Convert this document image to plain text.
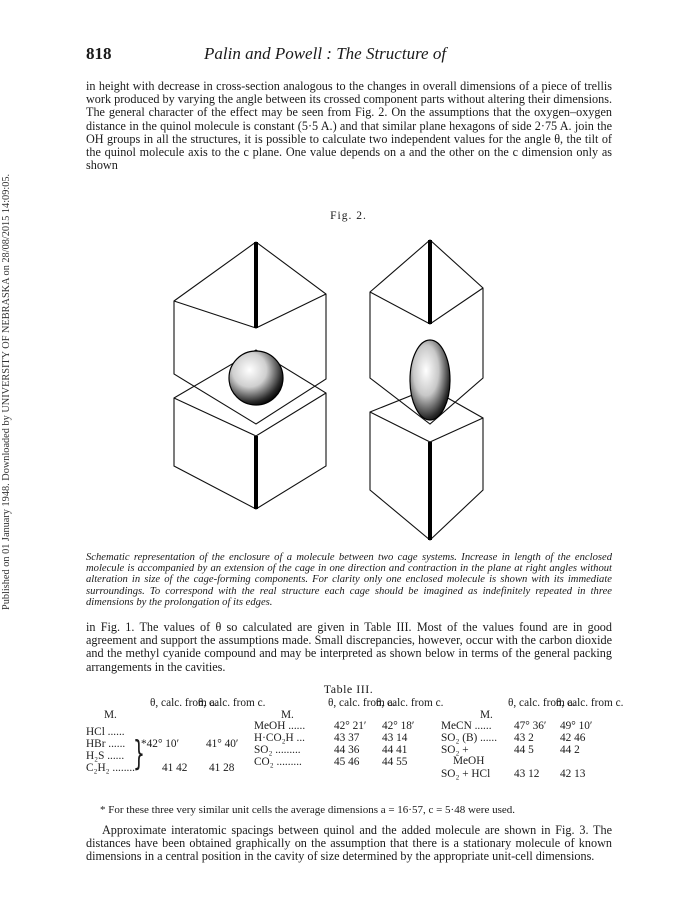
Published on 01 January 1948. Downloaded by UNIVERSITY OF NEBRASKA on 28/08/2015 14:09:05.
818	Palin and Powell : The Structure of

in height with decrease in cross-section analogous to the changes in overall dimensions of a piece of trellis work produced by varying the angle between its crossed component parts without altering their dimensions. The general character of the effect may be seen from Fig. 2. On the assumptions that the oxygen–oxygen distance in the quinol molecule is constant (5·5 A.) and that similar plane hexagons of side 2·75 A. join the OH groups in all the structures, it is possible to calculate two independent values for the angle θ, the tilt of the quinol molecule axis to the c plane. One value depends on a and the other on the c dimension only as shown

Fig. 2.

Schematic representation of the enclosure of a molecule between two cage systems. Increase in length of the enclosed molecule is accompanied by an extension of the cage in one direction and contraction in the plane at right angles without alteration in size of the cage-forming components. For clarity only one enclosed molecule is shown with its immediate surroundings. To correspond with the real structure each cage should be imagined as indefinitely repeated in three dimensions by the prolongation of its edges.

in Fig. 1. The values of θ so calculated are given in Table III. Most of the values found are in good agreement and support the assumptions made. Small discrepancies, however, occur with the carbon dioxide and the methyl cyanide compound and may be interpreted as shown below in terms of the general packing arrangements in the cavities.

Table III.
θ, calc. from a.
M.
θ, calc. from c.
M.
θ, calc. from a.
θ, calc. from c.
M.
θ, calc. from a.
θ, calc. from c.
HCl ......
HBr ......
H₂S ......
C₂H₂ ........
*42° 10′ 41° 40′
41 42 41 28
MeOH ......
H·CO₂H ...
SO₂ .........
CO₂ .........
42° 21′
43 37
44 36
45 46
42° 18′
43 14
44 41
44 55
MeCN ......
SO₂ (B) ......
SO₂ +
MeOH
SO₂ + HCl
47° 36′
43 2
44 5
43 12
49° 10′
42 46
44 2
42 13
}
* For these three very similar unit cells the average dimensions a = 16·57, c = 5·48 were used.

Approximate interatomic spacings between quinol and the added molecule are shown in Fig. 3. The distances have been obtained graphically on the assumption that there is a stationary molecule of known dimensions in a central position in the cavity of size determined by the appropriate unit-cell dimensions.
